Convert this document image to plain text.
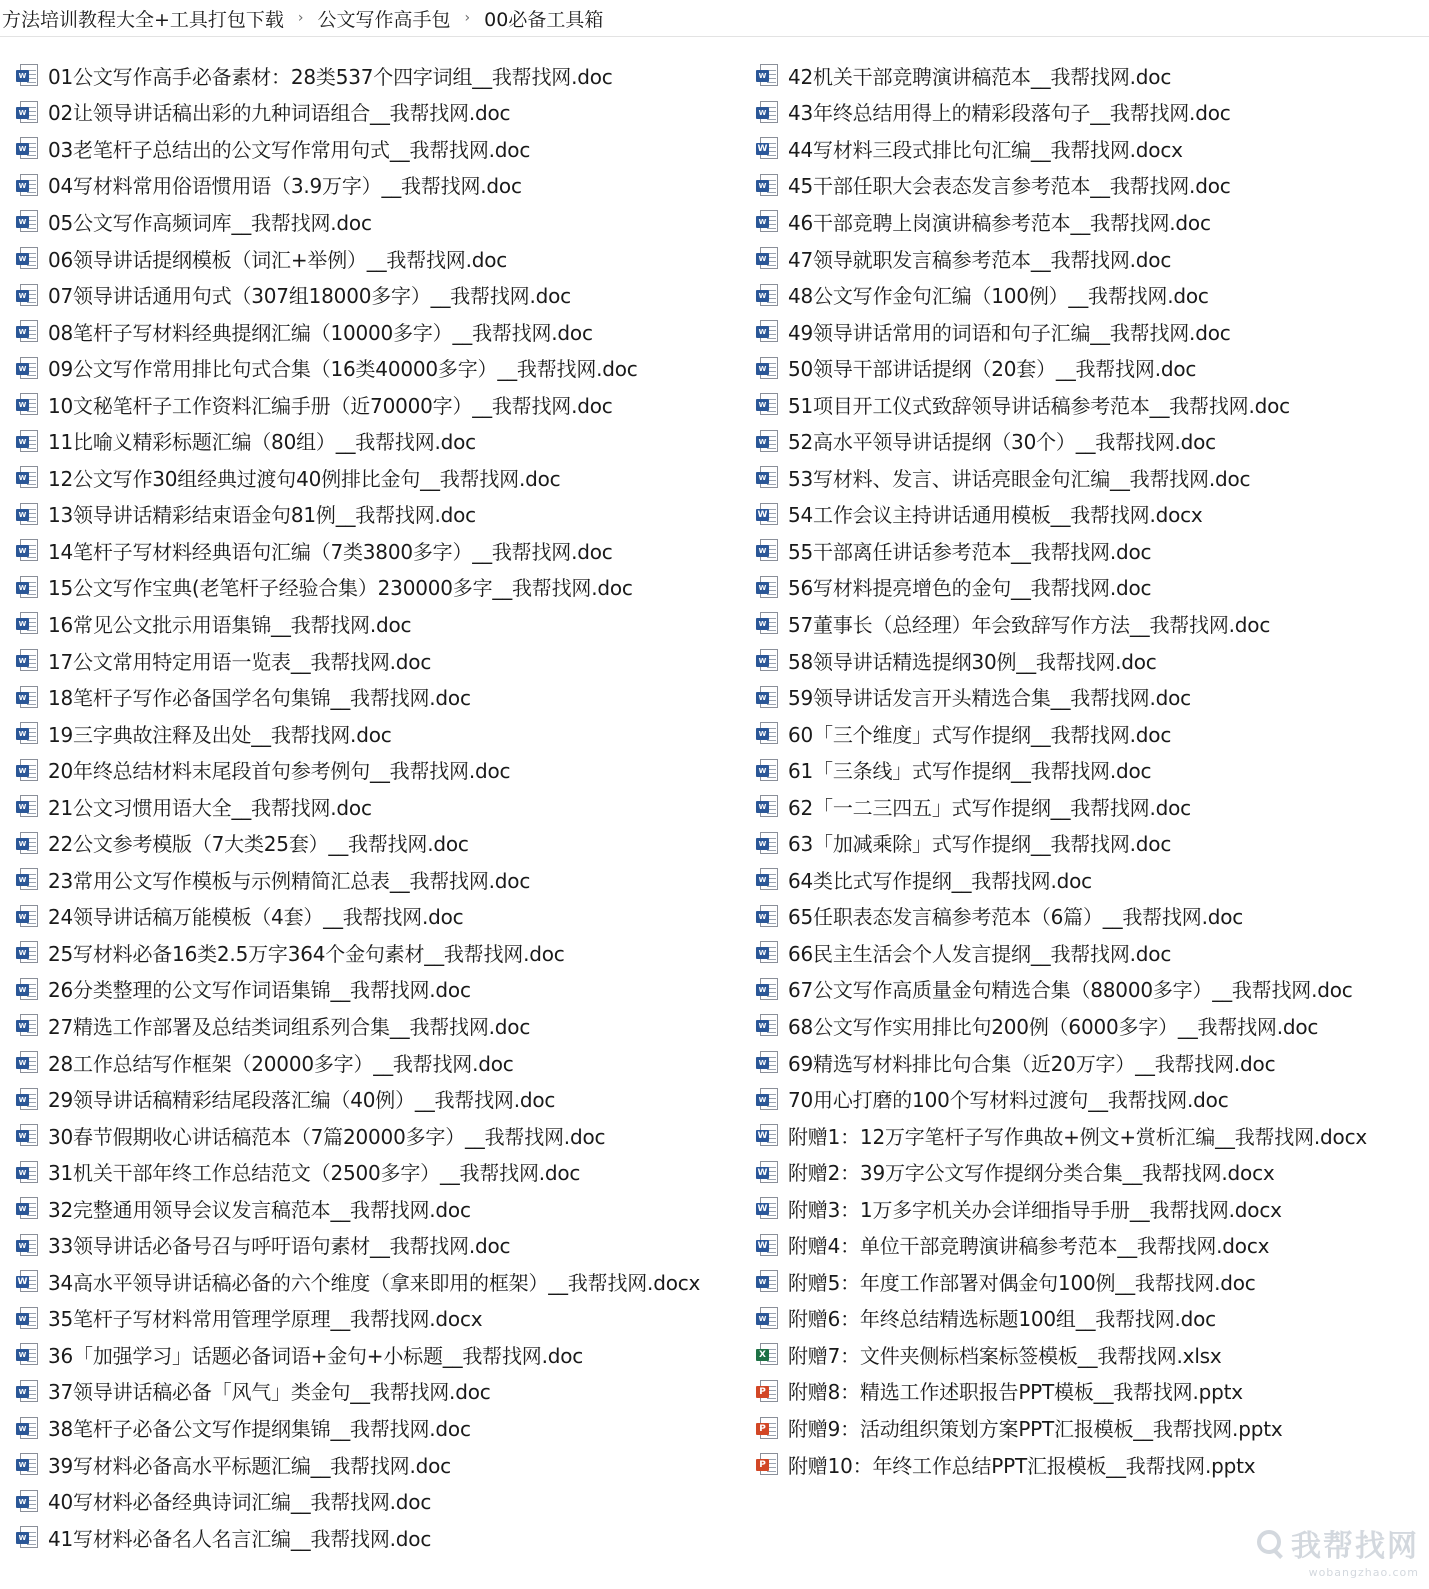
方法培训教程大全+工具打包下载	› 公文写作高手包	› 00必备工具箱
W 01公文写作高手必备素材：28类537个四字词组__我帮找网.doc
W 02让领导讲话稿出彩的九种词语组合__我帮找网.doc
W 03老笔杆子总结出的公文写作常用句式__我帮找网.doc
W 04写材料常用俗语惯用语（3.9万字）__我帮找网.doc
W 05公文写作高频词库__我帮找网.doc
W 06领导讲话提纲模板（词汇+举例）__我帮找网.doc
W 07领导讲话通用句式（307组18000多字）__我帮找网.doc
W 08笔杆子写材料经典提纲汇编（10000多字）__我帮找网.doc
W 09公文写作常用排比句式合集（16类40000多字）__我帮找网.doc
W 10文秘笔杆子工作资料汇编手册（近70000字）__我帮找网.doc
W 11比喻义精彩标题汇编（80组）__我帮找网.doc
W 12公文写作30组经典过渡句40例排比金句__我帮找网.doc
W 13领导讲话精彩结束语金句81例__我帮找网.doc
W 14笔杆子写材料经典语句汇编（7类3800多字）__我帮找网.doc
W 15公文写作宝典(老笔杆子经验合集）230000多字__我帮找网.doc
W 16常见公文批示用语集锦__我帮找网.doc
W 17公文常用特定用语一览表__我帮找网.doc
W 18笔杆子写作必备国学名句集锦__我帮找网.doc
W 19三字典故注释及出处__我帮找网.doc
W 20年终总结材料末尾段首句参考例句__我帮找网.doc
W 21公文习惯用语大全__我帮找网.doc
W 22公文参考模版（7大类25套）__我帮找网.doc
W 23常用公文写作模板与示例精简汇总表__我帮找网.doc
W 24领导讲话稿万能模板（4套）__我帮找网.doc
W 25写材料必备16类2.5万字364个金句素材__我帮找网.doc
W 26分类整理的公文写作词语集锦__我帮找网.doc
W 27精选工作部署及总结类词组系列合集__我帮找网.doc
W 28工作总结写作框架（20000多字）__我帮找网.doc
W 29领导讲话稿精彩结尾段落汇编（40例）__我帮找网.doc
W 30春节假期收心讲话稿范本（7篇20000多字）__我帮找网.doc
W 31机关干部年终工作总结范文（2500多字）__我帮找网.doc
W 32完整通用领导会议发言稿范本__我帮找网.doc
W 33领导讲话必备号召与呼吁语句素材__我帮找网.doc
W 34高水平领导讲话稿必备的六个维度（拿来即用的框架）__我帮找网.docx
W 35笔杆子写材料常用管理学原理__我帮找网.docx
W 36「加强学习」话题必备词语+金句+小标题__我帮找网.doc
W 37领导讲话稿必备「风气」类金句__我帮找网.doc
W 38笔杆子必备公文写作提纲集锦__我帮找网.doc
W 39写材料必备高水平标题汇编__我帮找网.doc
W 40写材料必备经典诗词汇编__我帮找网.doc
W 41写材料必备名人名言汇编__我帮找网.doc
W 42机关干部竞聘演讲稿范本__我帮找网.doc
W 43年终总结用得上的精彩段落句子__我帮找网.doc
W 44写材料三段式排比句汇编__我帮找网.docx
W 45干部任职大会表态发言参考范本__我帮找网.doc
W 46干部竞聘上岗演讲稿参考范本__我帮找网.doc
W 47领导就职发言稿参考范本__我帮找网.doc
W 48公文写作金句汇编（100例）__我帮找网.doc
W 49领导讲话常用的词语和句子汇编__我帮找网.doc
W 50领导干部讲话提纲（20套）__我帮找网.doc
W 51项目开工仪式致辞领导讲话稿参考范本__我帮找网.doc
W 52高水平领导讲话提纲（30个）__我帮找网.doc
W 53写材料、发言、讲话亮眼金句汇编__我帮找网.doc
W 54工作会议主持讲话通用模板__我帮找网.docx
W 55干部离任讲话参考范本__我帮找网.doc
W 56写材料提亮增色的金句__我帮找网.doc
W 57董事长（总经理）年会致辞写作方法__我帮找网.doc
W 58领导讲话精选提纲30例__我帮找网.doc
W 59领导讲话发言开头精选合集__我帮找网.doc
W 60「三个维度」式写作提纲__我帮找网.doc
W 61「三条线」式写作提纲__我帮找网.doc
W 62「一二三四五」式写作提纲__我帮找网.doc
W 63「加减乘除」式写作提纲__我帮找网.doc
W 64类比式写作提纲__我帮找网.doc
W 65任职表态发言稿参考范本（6篇）__我帮找网.doc
W 66民主生活会个人发言提纲__我帮找网.doc
W 67公文写作高质量金句精选合集（88000多字）__我帮找网.doc
W 68公文写作实用排比句200例（6000多字）__我帮找网.doc
W 69精选写材料排比句合集（近20万字）__我帮找网.doc
W 70用心打磨的100个写材料过渡句__我帮找网.doc
W 附赠1：12万字笔杆子写作典故+例文+赏析汇编__我帮找网.docx
W 附赠2：39万字公文写作提纲分类合集__我帮找网.docx
W 附赠3：1万多字机关办会详细指导手册__我帮找网.docx
W 附赠4：单位干部竞聘演讲稿参考范本__我帮找网.docx
W 附赠5：年度工作部署对偶金句100例__我帮找网.doc
W 附赠6：年终总结精选标题100组__我帮找网.doc
X 附赠7：文件夹侧标档案标签模板__我帮找网.xlsx
P 附赠8：精选工作述职报告PPT模板__我帮找网.pptx
P 附赠9：活动组织策划方案PPT汇报模板__我帮找网.pptx
P 附赠10：年终工作总结PPT汇报模板__我帮找网.pptx
我帮找网
wobangzhao.com
